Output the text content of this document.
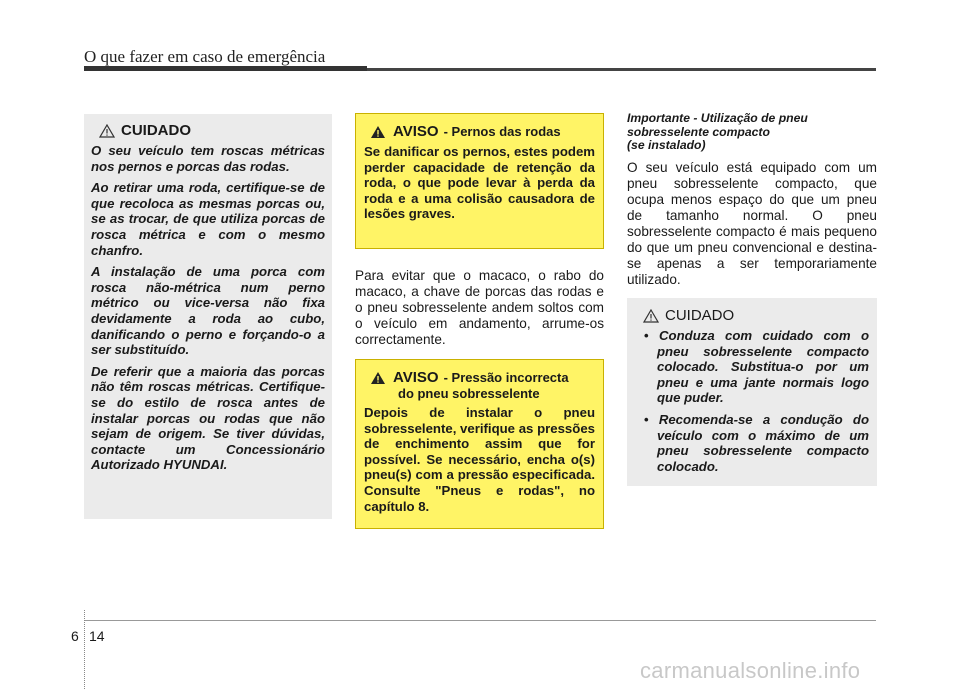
O que fazer em caso de emergência
CUIDADO

O seu veículo tem roscas métricas nos pernos e porcas das rodas.

Ao retirar uma roda, certifique-se de que recoloca as mesmas porcas ou, se as trocar, de que utiliza porcas de rosca métrica e com o mesmo chanfro.

A instalação de uma porca com rosca não-métrica num perno métrico ou vice-versa não fixa devidamente a roda ao cubo, danificando o perno e forçando-o a ser substituído.

De referir que a maioria das porcas não têm roscas métricas. Certifique-se do estilo de rosca antes de instalar porcas ou rodas que não sejam de origem. Se tiver dúvidas, contacte um Concessionário Autorizado HYUNDAI.

AVISO - Pernos das rodas

Se danificar os pernos, estes podem perder capacidade de retenção da roda, o que pode levar à perda da roda e a uma colisão causadora de lesões graves.

Para evitar que o macaco, o rabo do macaco, a chave de porcas das rodas e o pneu sobresselente andem soltos com o veículo em andamento, arrume-os correctamente.

AVISO - Pressão incorrecta
do pneu sobresselente

Depois de instalar o pneu sobresselente, verifique as pressões de enchimento assim que for possível. Se necessário, encha o(s) pneu(s) com a pressão especificada. Consulte "Pneus e rodas", no capítulo 8.

Importante - Utilização de pneu
sobresselente compacto
(se instalado)

O seu veículo está equipado com um pneu sobresselente compacto, que ocupa menos espaço do que um pneu de tamanho normal. O pneu sobresselente compacto é mais pequeno do que um pneu convencional e destina-se apenas a ser temporariamente utilizado.

CUIDADO
• Conduza com cuidado com o pneu sobresselente compacto colocado. Substitua-o por um pneu e uma jante normais logo que puder.
• Recomenda-se a condução do veículo com o máximo de um pneu sobresselente compacto colocado.
6 14
carmanualsonline.info
